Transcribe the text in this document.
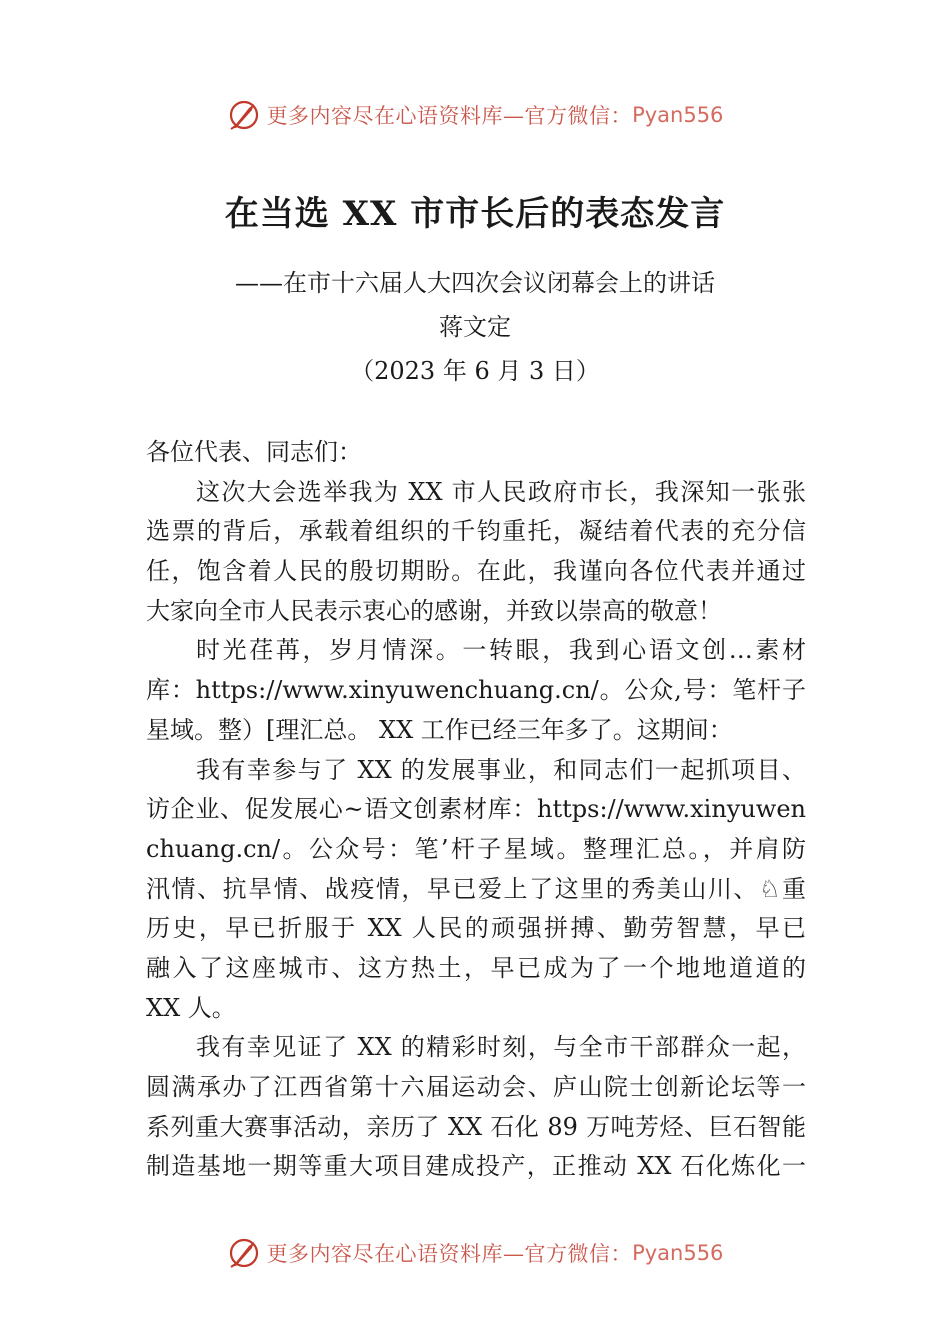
更多内容尽在心语资料库—官方微信： Pyan556
在当选 XX 市市长后的表态发言
——在市十六届人大四次会议闭幕会上的讲话
蒋文定
（2023 年 6 月 3 日）
各位代表、同志们：
这次大会选举我为 XX 市人民政府市长，我深知一张张
选票的背后，承载着组织的千钧重托，凝结着代表的充分信
任，饱含着人民的殷切期盼。在此，我谨向各位代表并通过
大家向全市人民表示衷心的感谢，并致以崇高的敬意！
时光荏苒，岁月情深。一转眼，我到心语文创…素材
库：https://www.xinyuwenchuang.cn/。公众,号：笔杆子
星域。整）[理汇总。 XX 工作已经三年多了。这期间：
我有幸参与了 XX 的发展事业，和同志们一起抓项目、
访企业、促发展心~语文创素材库：https://www.xinyuwen
chuang.cn/。公众号：笔’杆子星域。整理汇总。，并肩防
汛情、抗旱情、战疫情，早已爱上了这里的秀美山川、♘重
历史，早已折服于 XX 人民的顽强拼搏、勤劳智慧，早已
融入了这座城市、这方热土，早已成为了一个地地道道的
XX 人。
我有幸见证了 XX 的精彩时刻，与全市干部群众一起，
圆满承办了江西省第十六届运动会、庐山院士创新论坛等一
系列重大赛事活动，亲历了 XX 石化 89 万吨芳烃、巨石智能
制造基地一期等重大项目建成投产，正推动 XX 石化炼化一
更多内容尽在心语资料库—官方微信： Pyan556
